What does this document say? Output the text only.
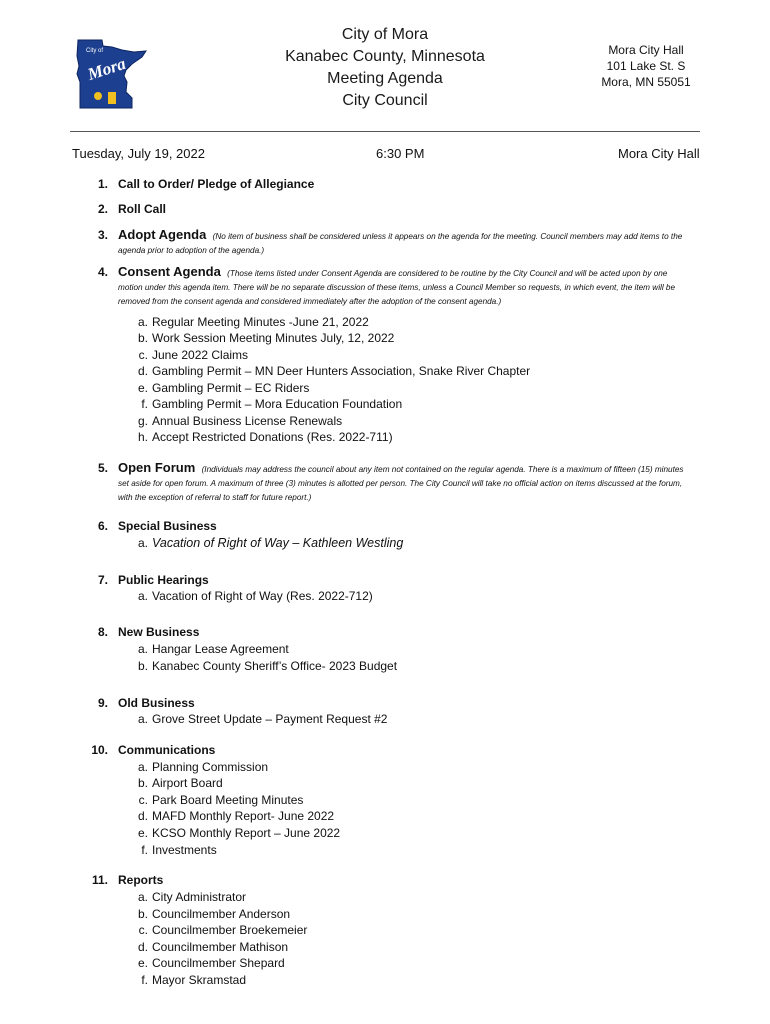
City of
Mora
City of Mora
Kanabec County, Minnesota
Meeting Agenda
City Council
Mora City Hall
101 Lake St. S
Mora, MN 55051
Tuesday, July 19, 2022	6:30 PM	Mora City Hall
1. Call to Order/ Pledge of Allegiance
2. Roll Call
3. Adopt Agenda (No item of business shall be considered unless it appears on the agenda for the meeting. Council members may add items to the agenda prior to adoption of the agenda.)
4. Consent Agenda (Those items listed under Consent Agenda are considered to be routine by the City Council and will be acted upon by one motion under this agenda item. There will be no separate discussion of these items, unless a Council Member so requests, in which event, the item will be removed from the consent agenda and considered immediately after the adoption of the consent agenda.)
a. Regular Meeting Minutes -June 21, 2022
b. Work Session Meeting Minutes July, 12, 2022
c. June 2022 Claims
d. Gambling Permit – MN Deer Hunters Association, Snake River Chapter
e. Gambling Permit – EC Riders
f. Gambling Permit – Mora Education Foundation
g. Annual Business License Renewals
h. Accept Restricted Donations (Res. 2022-711)
5. Open Forum (Individuals may address the council about any item not contained on the regular agenda. There is a maximum of fifteen (15) minutes set aside for open forum. A maximum of three (3) minutes is allotted per person. The City Council will take no official action on items discussed at the forum, with the exception of referral to staff for future report.)
6. Special Business
a. Vacation of Right of Way – Kathleen Westling
7. Public Hearings
a. Vacation of Right of Way (Res. 2022-712)
8. New Business
a. Hangar Lease Agreement
b. Kanabec County Sheriff’s Office- 2023 Budget
9. Old Business
a. Grove Street Update – Payment Request #2
10. Communications
a. Planning Commission
b. Airport Board
c. Park Board Meeting Minutes
d. MAFD Monthly Report- June 2022
e. KCSO Monthly Report – June 2022
f. Investments
11. Reports
a. City Administrator
b. Councilmember Anderson
c. Councilmember Broekemeier
d. Councilmember Mathison
e. Councilmember Shepard
f. Mayor Skramstad
